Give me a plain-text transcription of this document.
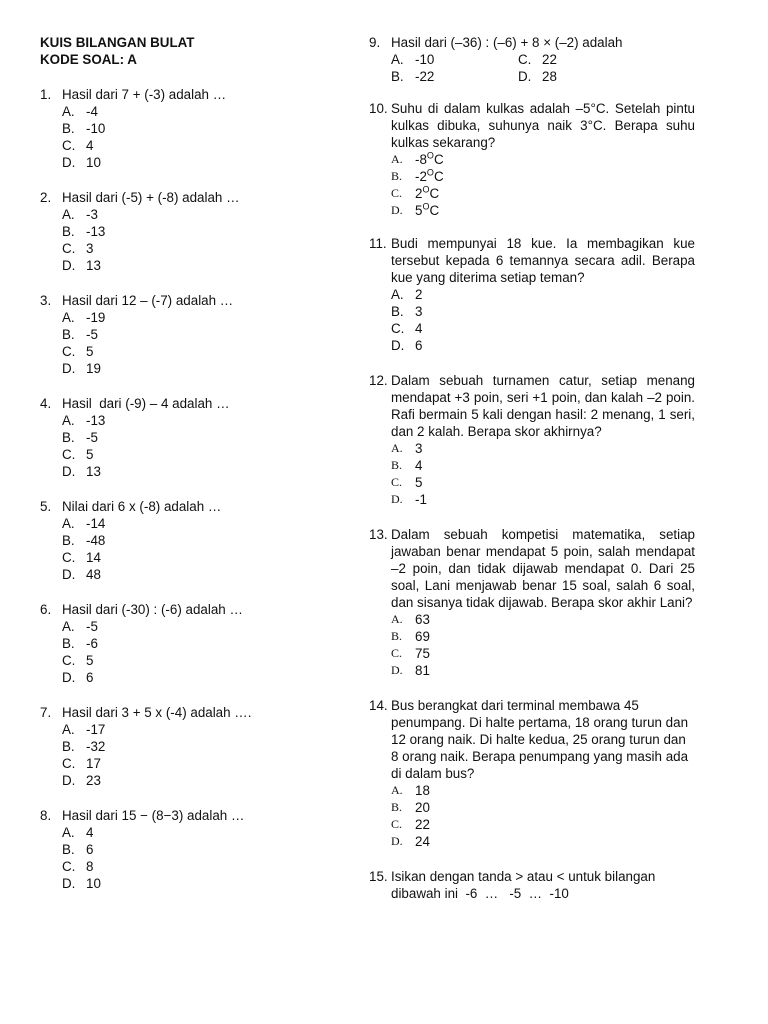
KUIS BILANGAN BULAT
KODE SOAL: A
1. Hasil dari 7 + (-3) adalah …
A. -4
B. -10
C. 4
D. 10
2. Hasil dari (-5) + (-8) adalah …
A. -3
B. -13
C. 3
D. 13
3. Hasil dari 12 – (-7) adalah …
A. -19
B. -5
C. 5
D. 19
4. Hasil  dari (-9) – 4 adalah …
A. -13
B. -5
C. 5
D. 13
5. Nilai dari 6 x (-8) adalah …
A. -14
B. -48
C. 14
D. 48
6. Hasil dari (-30) : (-6) adalah …
A. -5
B. -6
C. 5
D. 6
7. Hasil dari 3 + 5 x (-4) adalah ….
A. -17
B. -32
C. 17
D. 23
8. Hasil dari 15 − (8−3) adalah …
A. 4
B. 6
C. 8
D. 10
9. Hasil dari (–36) : (–6) + 8 × (–2) adalah
A. -10	C. 22
B. -22	D. 28
10. Suhu di dalam kulkas adalah –5°C. Setelah pintu kulkas dibuka, suhunya naik 3°C. Berapa suhu kulkas sekarang?
A. $-8^OC$
B. $-2^OC$
C. $2^OC$
D. $5^OC$
11. Budi mempunyai 18 kue. Ia membagikan kue tersebut kepada 6 temannya secara adil. Berapa kue yang diterima setiap teman?
A. 2
B. 3
C. 4
D. 6
12. Dalam sebuah turnamen catur, setiap menang mendapat +3 poin, seri +1 poin, dan kalah –2 poin. Rafi bermain 5 kali dengan hasil: 2 menang, 1 seri, dan 2 kalah. Berapa skor akhirnya?
A. 3
B. 4
C. 5
D. -1
13. Dalam sebuah kompetisi matematika, setiap jawaban benar mendapat 5 poin, salah mendapat –2 poin, dan tidak dijawab mendapat 0. Dari 25 soal, Lani menjawab benar 15 soal, salah 6 soal, dan sisanya tidak dijawab. Berapa skor akhir Lani?
A. 63
B. 69
C. 75
D. 81
14. Bus berangkat dari terminal membawa 45 penumpang. Di halte pertama, 18 orang turun dan 12 orang naik. Di halte kedua, 25 orang turun dan 8 orang naik. Berapa penumpang yang masih ada di dalam bus?
A. 18
B. 20
C. 22
D. 24
15. Isikan dengan tanda > atau < untuk bilangan dibawah ini  -6  …   -5  …  -10
